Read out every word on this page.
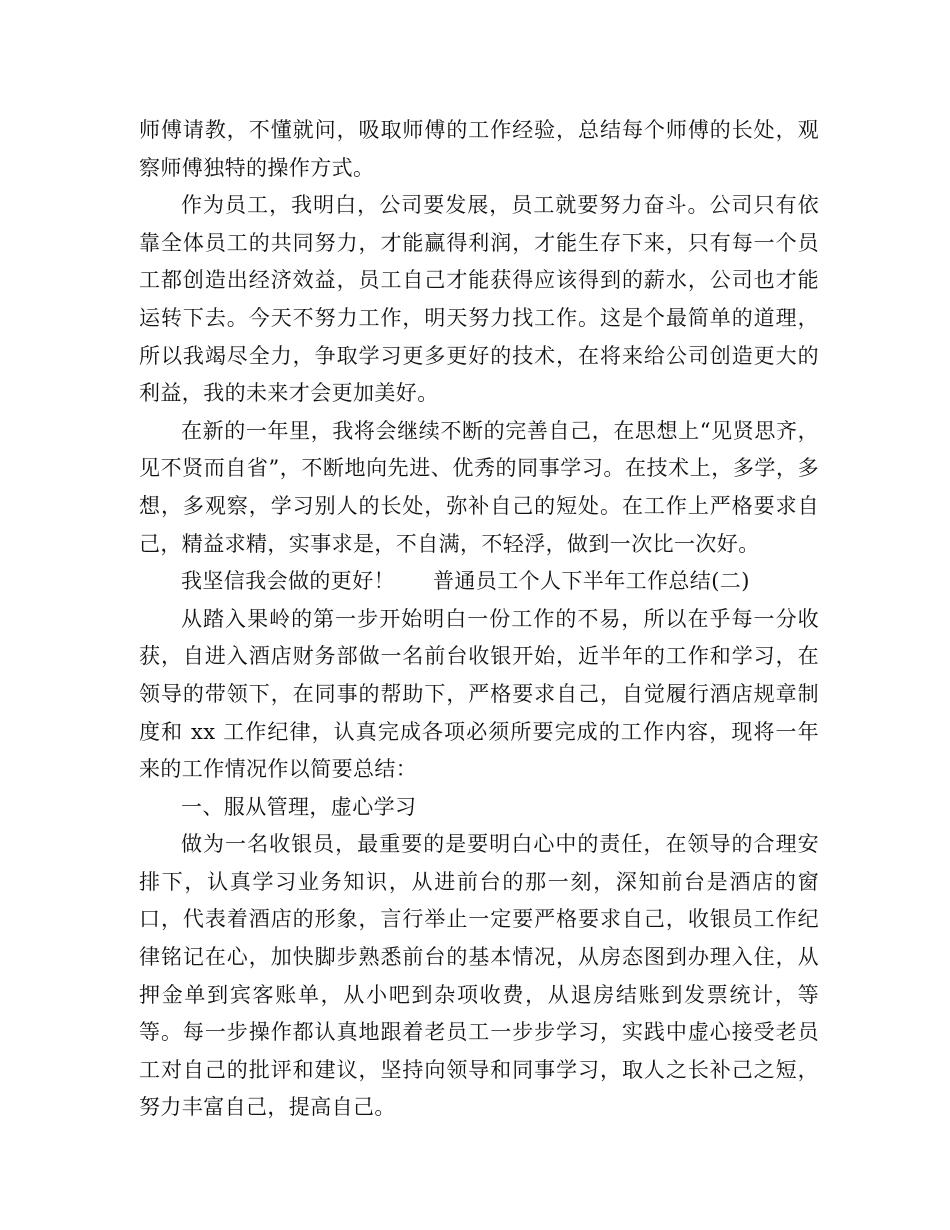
师傅请教，不懂就问，吸取师傅的工作经验，总结每个师傅的长处，观察师傅独特的操作方式。

作为员工，我明白，公司要发展，员工就要努力奋斗。公司只有依靠全体员工的共同努力，才能赢得利润，才能生存下来，只有每一个员工都创造出经济效益，员工自己才能获得应该得到的薪水，公司也才能运转下去。今天不努力工作，明天努力找工作。这是个最简单的道理，所以我竭尽全力，争取学习更多更好的技术，在将来给公司创造更大的利益，我的未来才会更加美好。

在新的一年里，我将会继续不断的完善自己，在思想上“见贤思齐，见不贤而自省”，不断地向先进、优秀的同事学习。在技术上，多学，多想，多观察，学习别人的长处，弥补自己的短处。在工作上严格要求自己，精益求精，实事求是，不自满，不轻浮，做到一次比一次好。

我坚信我会做的更好！ 普通员工个人下半年工作总结(二)

从踏入果岭的第一步开始明白一份工作的不易，所以在乎每一分收获，自进入酒店财务部做一名前台收银开始，近半年的工作和学习，在领导的带领下，在同事的帮助下，严格要求自己，自觉履行酒店规章制度和 xx 工作纪律，认真完成各项必须所要完成的工作内容，现将一年来的工作情况作以简要总结：

一、服从管理，虚心学习

做为一名收银员，最重要的是要明白心中的责任，在领导的合理安排下，认真学习业务知识，从进前台的那一刻，深知前台是酒店的窗口，代表着酒店的形象，言行举止一定要严格要求自己，收银员工作纪律铭记在心，加快脚步熟悉前台的基本情况，从房态图到办理入住，从押金单到宾客账单，从小吧到杂项收费，从退房结账到发票统计，等等。每一步操作都认真地跟着老员工一步步学习，实践中虚心接受老员工对自己的批评和建议，坚持向领导和同事学习，取人之长补己之短，努力丰富自己，提高自己。
